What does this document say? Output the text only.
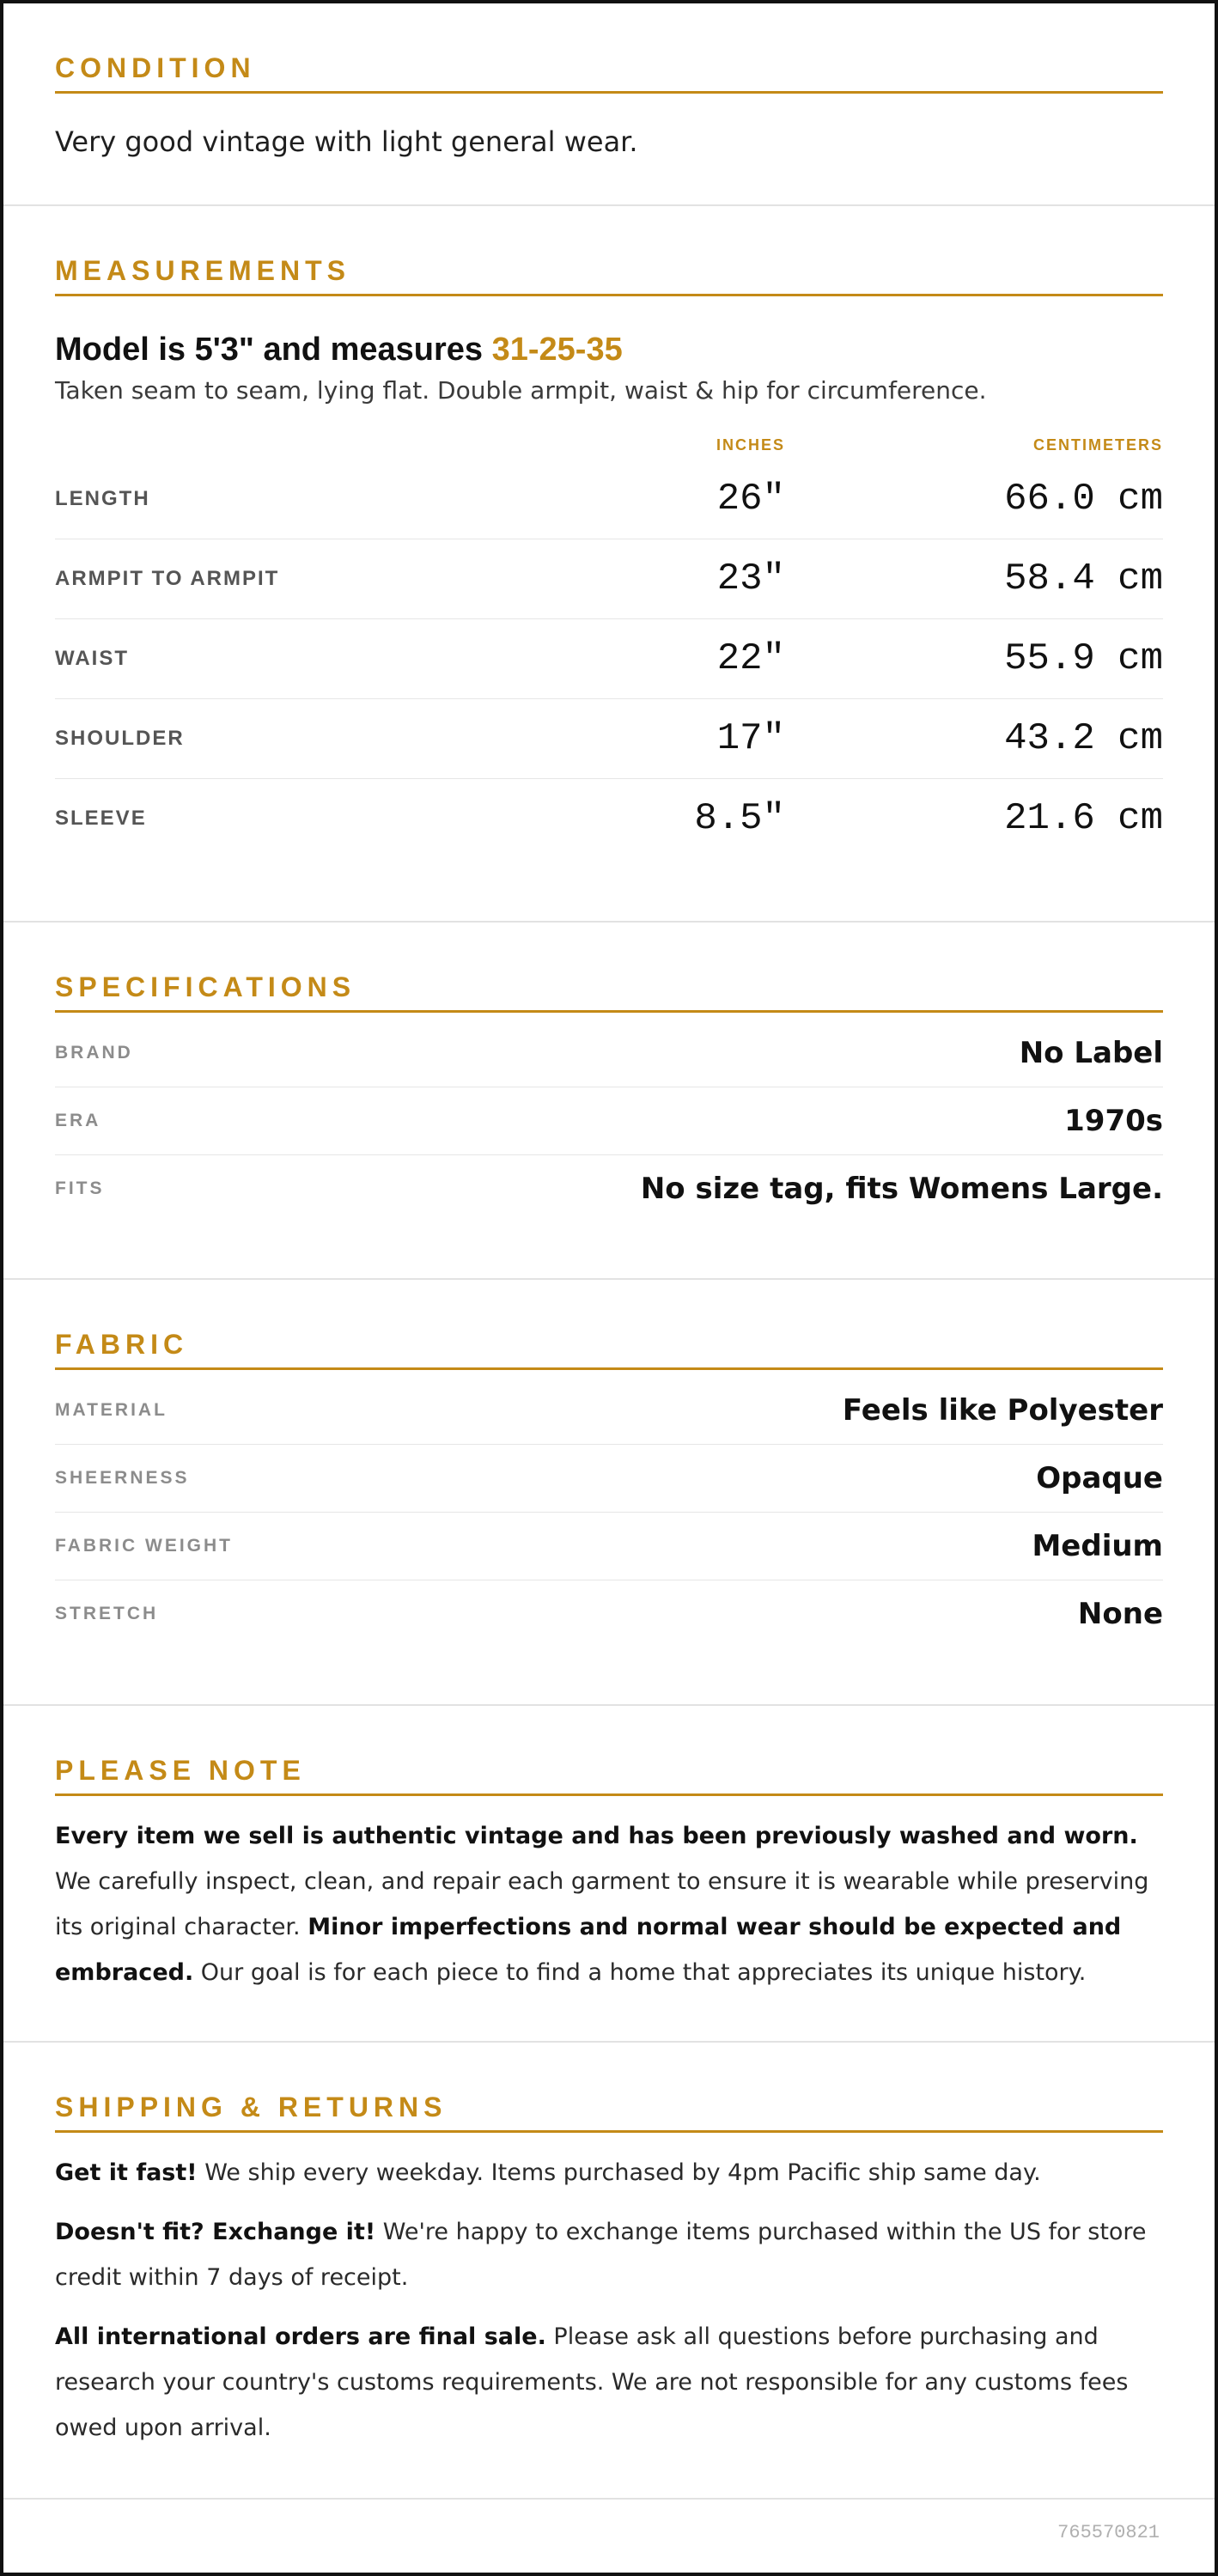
CONDITION
Very good vintage with light general wear.
MEASUREMENTS
Model is 5'3" and measures 31-25-35
Taken seam to seam, lying flat. Double armpit, waist & hip for circumference.
INCHES	CENTIMETERS
LENGTH	26"	66.0 cm
ARMPIT TO ARMPIT	23"	58.4 cm
WAIST	22"	55.9 cm
SHOULDER	17"	43.2 cm
SLEEVE	8.5"	21.6 cm
SPECIFICATIONS
BRAND	No Label
ERA	1970s
FITS	No size tag, fits Womens Large.
FABRIC
MATERIAL	Feels like Polyester
SHEERNESS	Opaque
FABRIC WEIGHT	Medium
STRETCH	None
PLEASE NOTE

Every item we sell is authentic vintage and has been previously washed and worn. We carefully inspect, clean, and repair each garment to ensure it is wearable while preserving its original character. Minor imperfections and normal wear should be expected and embraced. Our goal is for each piece to find a home that appreciates its unique history.

SHIPPING & RETURNS

Get it fast! We ship every weekday. Items purchased by 4pm Pacific ship same day.

Doesn't fit? Exchange it! We're happy to exchange items purchased within the US for store credit within 7 days of receipt.

All international orders are final sale. Please ask all questions before purchasing and research your country's customs requirements. We are not responsible for any customs fees owed upon arrival.

765570821
